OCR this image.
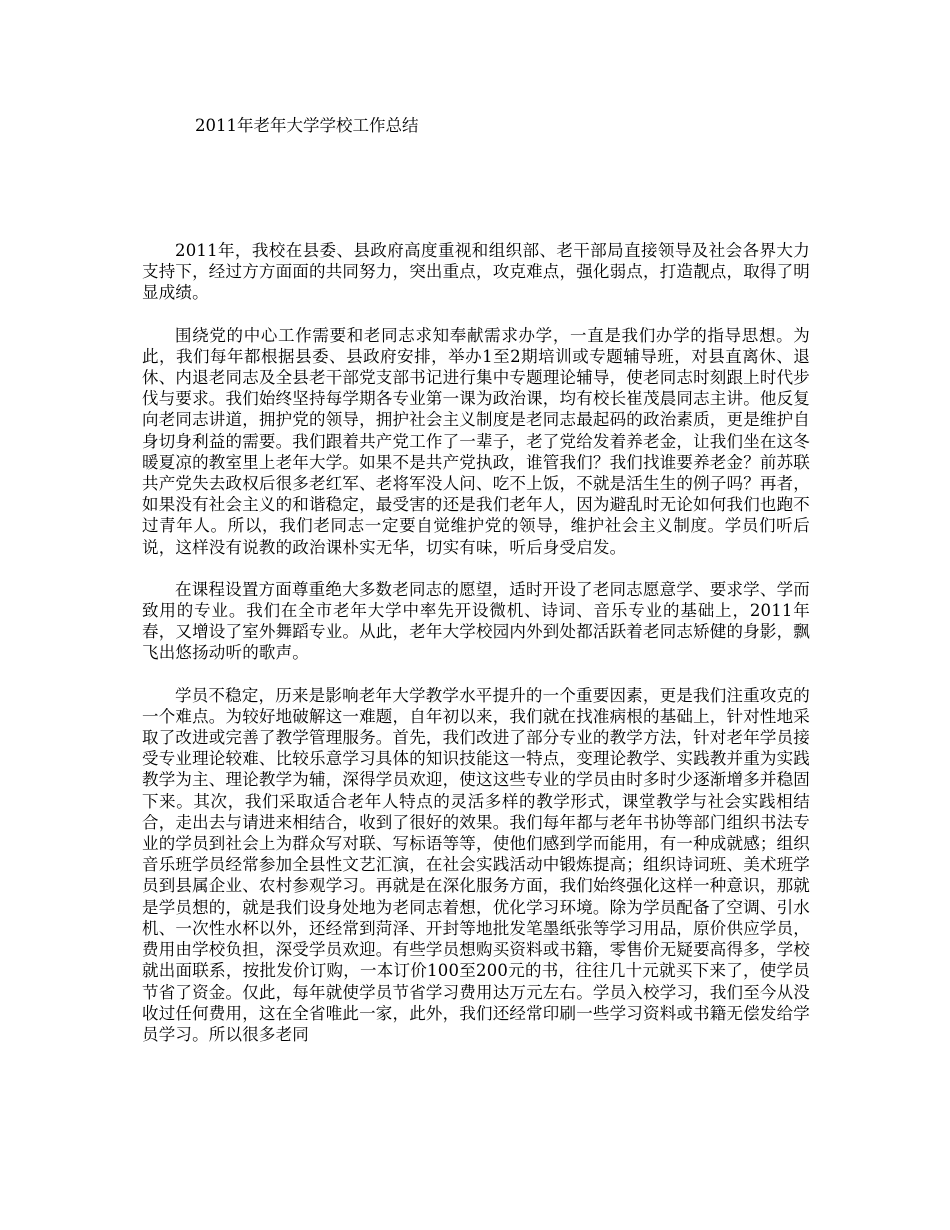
2011年老年大学学校工作总结

2011年，我校在县委、县政府高度重视和组织部、老干部局直接领导及社会各界大力支持下，经过方方面面的共同努力，突出重点，攻克难点，强化弱点，打造靓点，取得了明显成绩。

围绕党的中心工作需要和老同志求知奉献需求办学，一直是我们办学的指导思想。为此，我们每年都根据县委、县政府安排，举办1至2期培训或专题辅导班，对县直离休、退休、内退老同志及全县老干部党支部书记进行集中专题理论辅导，使老同志时刻跟上时代步伐与要求。我们始终坚持每学期各专业第一课为政治课，均有校长崔茂晨同志主讲。他反复向老同志讲道，拥护党的领导，拥护社会主义制度是老同志最起码的政治素质，更是维护自身切身利益的需要。我们跟着共产党工作了一辈子，老了党给发着养老金，让我们坐在这冬暖夏凉的教室里上老年大学。如果不是共产党执政，谁管我们？我们找谁要养老金？前苏联共产党失去政权后很多老红军、老将军没人问、吃不上饭，不就是活生生的例子吗？再者，如果没有社会主义的和谐稳定，最受害的还是我们老年人，因为避乱时无论如何我们也跑不过青年人。所以，我们老同志一定要自觉维护党的领导，维护社会主义制度。学员们听后说，这样没有说教的政治课朴实无华，切实有味，听后身受启发。

在课程设置方面尊重绝大多数老同志的愿望，适时开设了老同志愿意学、要求学、学而致用的专业。我们在全市老年大学中率先开设微机、诗词、音乐专业的基础上，2011年春，又增设了室外舞蹈专业。从此，老年大学校园内外到处都活跃着老同志矫健的身影，飘飞出悠扬动听的歌声。

学员不稳定，历来是影响老年大学教学水平提升的一个重要因素，更是我们注重攻克的一个难点。为较好地破解这一难题，自年初以来，我们就在找准病根的基础上，针对性地采取了改进或完善了教学管理服务。首先，我们改进了部分专业的教学方法，针对老年学员接受专业理论较难、比较乐意学习具体的知识技能这一特点，变理论教学、实践教并重为实践教学为主、理论教学为辅，深得学员欢迎，使这这些专业的学员由时多时少逐渐增多并稳固下来。其次，我们采取适合老年人特点的灵活多样的教学形式，课堂教学与社会实践相结合，走出去与请进来相结合，收到了很好的效果。我们每年都与老年书协等部门组织书法专业的学员到社会上为群众写对联、写标语等等，使他们感到学而能用，有一种成就感；组织音乐班学员经常参加全县性文艺汇演，在社会实践活动中锻炼提高；组织诗词班、美术班学员到县属企业、农村参观学习。再就是在深化服务方面，我们始终强化这样一种意识，那就是学员想的，就是我们设身处地为老同志着想，优化学习环境。除为学员配备了空调、引水机、一次性水杯以外，还经常到菏泽、开封等地批发笔墨纸张等学习用品，原价供应学员，费用由学校负担，深受学员欢迎。有些学员想购买资料或书籍，零售价无疑要高得多，学校就出面联系，按批发价订购，一本订价100至200元的书，往往几十元就买下来了，使学员节省了资金。仅此，每年就使学员节省学习费用达万元左右。学员入校学习，我们至今从没收过任何费用，这在全省唯此一家，此外，我们还经常印刷一些学习资料或书籍无偿发给学员学习。所以很多老同
